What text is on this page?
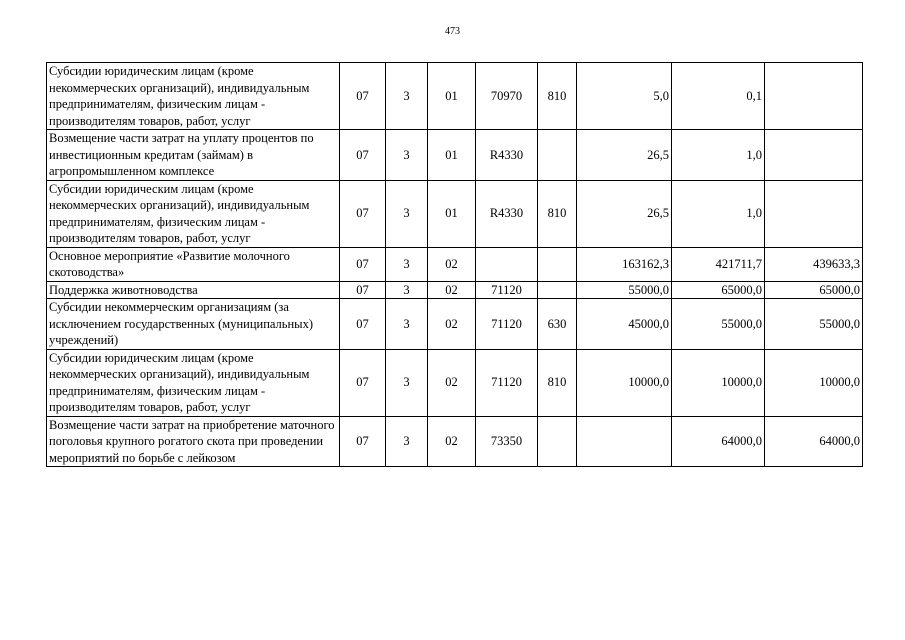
473
Субсидии юридическим лицам (кроме некоммерческих организаций), индивидуальным предпринимателям, физическим лицам - производителям товаров, работ, услуг	07	3	01	70970	810	5,0	0,1	
Возмещение части затрат на уплату процентов по инвестиционным кредитам (займам) в агропромышленном комплексе	07	3	01	R4330		26,5	1,0	
Субсидии юридическим лицам (кроме некоммерческих организаций), индивидуальным предпринимателям, физическим лицам - производителям товаров, работ, услуг	07	3	01	R4330	810	26,5	1,0	
Основное мероприятие «Развитие молочного скотоводства»	07	3	02			163162,3	421711,7	439633,3
Поддержка животноводства	07	3	02	71120		55000,0	65000,0	65000,0
Субсидии некоммерческим организациям (за исключением государственных (муниципальных) учреждений)	07	3	02	71120	630	45000,0	55000,0	55000,0
Субсидии юридическим лицам (кроме некоммерческих организаций), индивидуальным предпринимателям, физическим лицам - производителям товаров, работ, услуг	07	3	02	71120	810	10000,0	10000,0	10000,0
Возмещение части затрат на приобретение маточного поголовья крупного рогатого скота при проведении мероприятий по борьбе с лейкозом	07	3	02	73350			64000,0	64000,0
